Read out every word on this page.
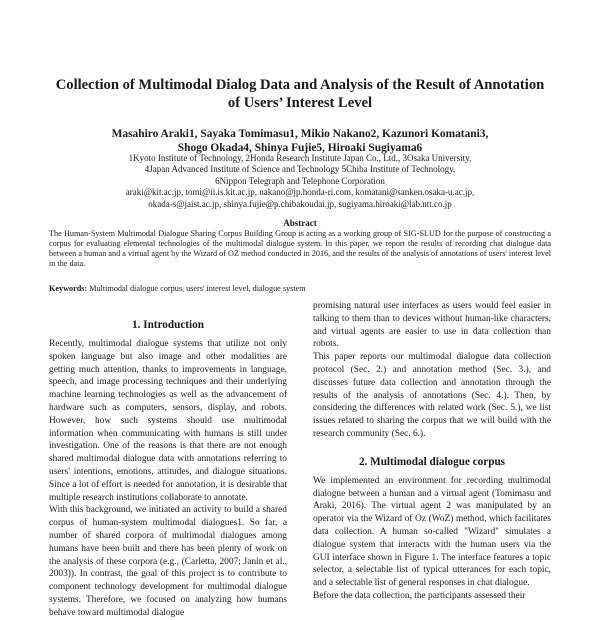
Collection of Multimodal Dialog Data and Analysis of the Result of Annotation
of Users’ Interest Level
Masahiro Araki1, Sayaka Tomimasu1, Mikio Nakano2, Kazunori Komatani3,
Shogo Okada4, Shinya Fujie5, Hiroaki Sugiyama6
1Kyoto Institute of Technology, 2Honda Research Institute Japan Co., Ltd., 3Osaka University,
4Japan Advanced Institute of Science and Technology 5Chiba Institute of Technology,
6Nippon Telegraph and Telephone Corporation
araki@kit.ac.jp, tomi@ii.is.kit.ac.jp, nakano@jp.honda-ri.com, komatani@sanken.osaka-u.ac.jp,
okada-s@jaist.ac.jp, shinya.fujie@p.chibakoudai.jp, sugiyama.hiroaki@lab.ntt.co.jp
Abstract
The Human-System Multimodal Dialogue Sharing Corpus Building Group is acting as a working group of SIG-SLUD for the purpose of constructing a corpus for evaluating elemental technologies of the multimodal dialogue system. In this paper, we report the results of recording chat dialogue data between a human and a virtual agent by the Wizard of OZ method conducted in 2016, and the results of the analysis of annotations of users' interest level in the data.
Keywords: Multimodal dialogue corpus, users' interest level, dialogue system
1. Introduction

Recently, multimodal dialogue systems that utilize not only spoken language but also image and other modalities are getting much attention, thanks to improvements in language, speech, and image processing techniques and their underlying machine learning technologies as well as the advancement of hardware such as computers, sensors, display, and robots. However, how such systems should use multimodal information when communicating with humans is still under investigation. One of the reasons is that there are not enough shared multimodal dialogue data with annotations referring to users' intentions, emotions, attitudes, and dialogue situations. Since a lot of effort is needed for annotation, it is desirable that multiple research institutions collaborate to annotate.

With this background, we initiated an activity to build a shared corpus of human-system multimodal dialogues1. So far, a number of shared corpora of multimodal dialogues among humans have been built and there has been plenty of work on the analysis of these corpora (e.g., (Carletta, 2007; Janin et al., 2003)). In contrast, the goal of this project is to contribute to component technology development for multimodal dialogue systems. Therefore, we focused on analyzing how humans behave toward multimodal dialogue

promising natural user interfaces as users would feel easier in talking to them than to devices without human-like characters, and virtual agents are easier to use in data collection than robots.

This paper reports our multimodal dialogue data collection protocol (Sec. 2.) and annotation method (Sec. 3.), and discusses future data collection and annotation through the results of the analysis of annotations (Sec. 4.). Then, by considering the differences with related work (Sec. 5.), we list issues related to sharing the corpus that we will build with the research community (Sec. 6.).

2. Multimodal dialogue corpus

We implemented an environment for recording multimodal dialogue between a human and a virtual agent (Tomimasu and Araki, 2016). The virtual agent 2 was manipulated by an operator via the Wizard of Oz (WoZ) method, which facilitates data collection. A human so-called "Wizard" simulates a dialogue system that interacts with the human users via the GUI interface shown in Figure 1. The interface features a topic selector, a selectable list of typical utterances for each topic, and a selectable list of general responses in chat dialogue.

Before the data collection, the participants assessed their
